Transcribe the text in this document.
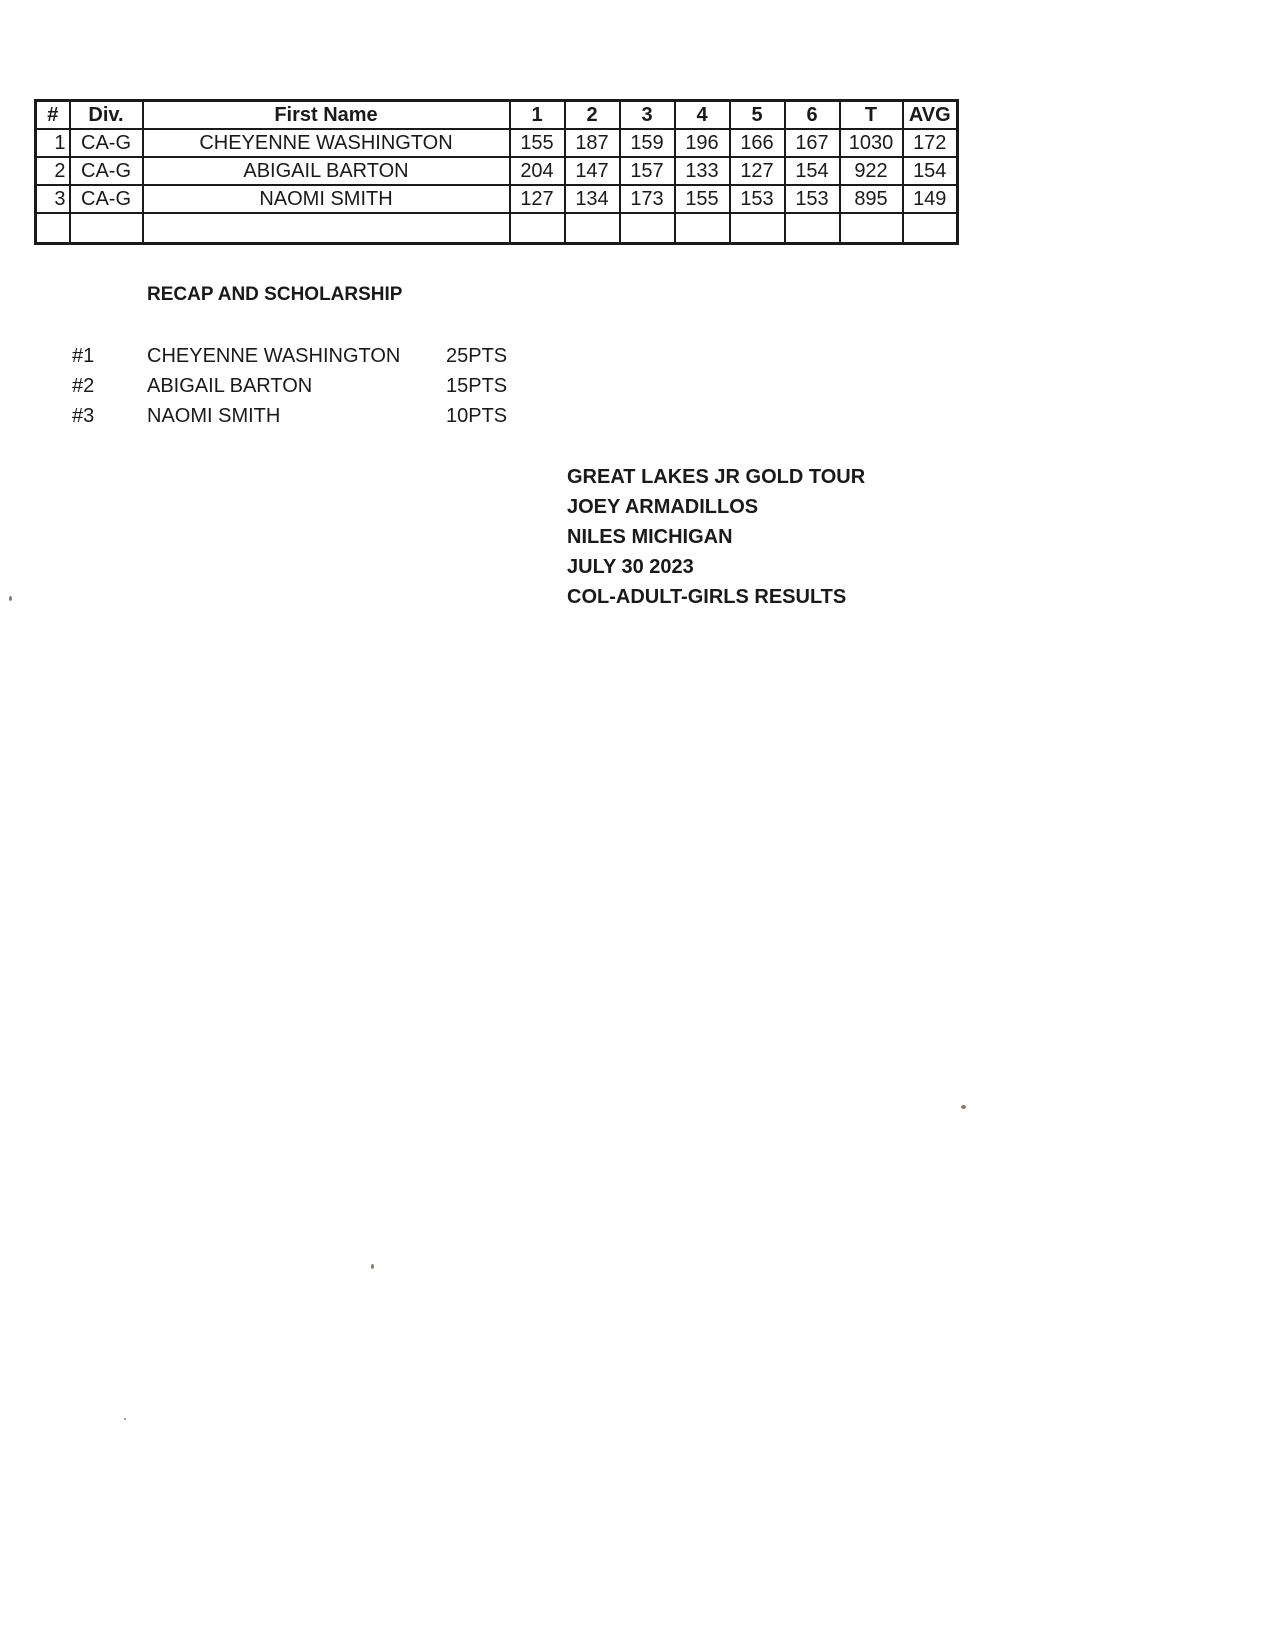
#	Div.	First Name	1	2	3	4	5	6	T	AVG
1	CA-G	CHEYENNE WASHINGTON	155	187	159	196	166	167	1030	172
2	CA-G	ABIGAIL BARTON	204	147	157	133	127	154	922	154
3	CA-G	NAOMI SMITH	127	134	173	155	153	153	895	149

RECAP AND SCHOLARSHIP
#1	CHEYENNE WASHINGTON 25PTS
#2	ABIGAIL BARTON	15PTS
#3	NAOMI SMITH	10PTS
GREAT LAKES JR GOLD TOUR
JOEY ARMADILLOS
NILES MICHIGAN
JULY 30 2023
COL-ADULT-GIRLS RESULTS
